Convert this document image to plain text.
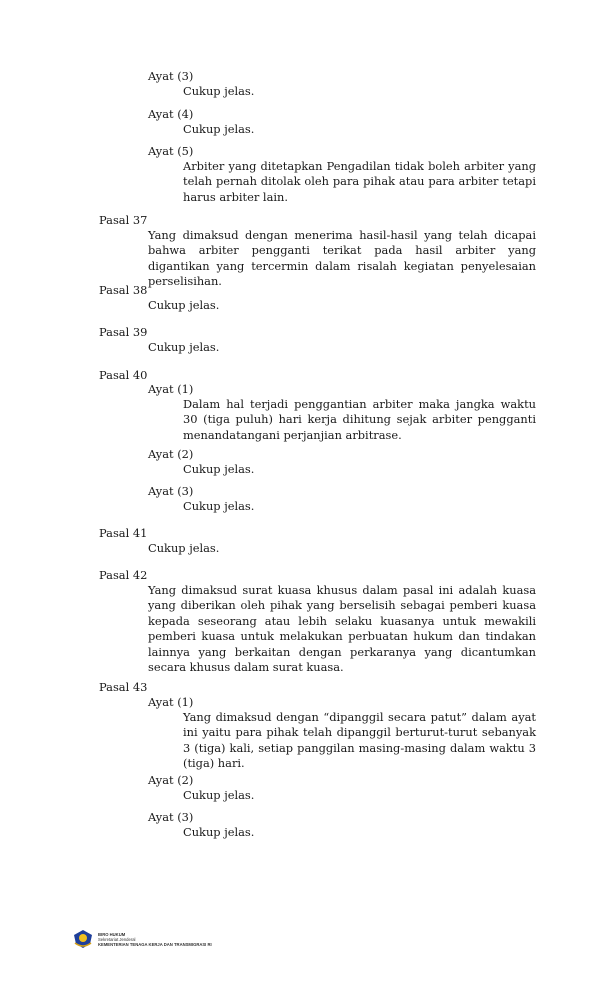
Ayat (3)
Cukup jelas.
Ayat (4)
Cukup jelas.
Ayat (5)
Arbiter yang ditetapkan Pengadilan tidak boleh arbiter yang telah pernah ditolak oleh para pihak atau para arbiter tetapi harus arbiter lain.
Pasal 37
Yang dimaksud dengan menerima hasil-hasil yang telah dicapai bahwa arbiter pengganti terikat pada hasil arbiter yang digantikan yang tercermin dalam risalah kegiatan penyelesaian perselisihan.
Pasal 38
Cukup jelas.
Pasal 39
Cukup jelas.
Pasal 40
Ayat (1)
Dalam hal terjadi penggantian arbiter maka jangka waktu 30 (tiga puluh) hari kerja dihitung sejak arbiter pengganti menandatangani perjanjian arbitrase.
Ayat (2)
Cukup jelas.
Ayat (3)
Cukup jelas.
Pasal 41
Cukup jelas.
Pasal 42
Yang dimaksud surat kuasa khusus dalam pasal ini adalah kuasa yang diberikan oleh pihak yang berselisih sebagai pemberi kuasa kepada seseorang atau lebih selaku kuasanya untuk mewakili pemberi kuasa untuk melakukan perbuatan hukum dan tindakan lainnya yang berkaitan dengan perkaranya yang dicantumkan secara khusus dalam surat kuasa.
Pasal 43
Ayat (1)
Yang dimaksud dengan “dipanggil secara patut” dalam ayat ini yaitu para pihak telah dipanggil berturut-turut sebanyak 3 (tiga) kali, setiap panggilan masing-masing dalam waktu 3 (tiga) hari.
Ayat (2)
Cukup jelas.
Ayat (3)
Cukup jelas.
BIRO HUKUM
Sekretariat Jenderal
KEMENTERIAN TENAGA KERJA DAN TRANSMIGRASI RI
